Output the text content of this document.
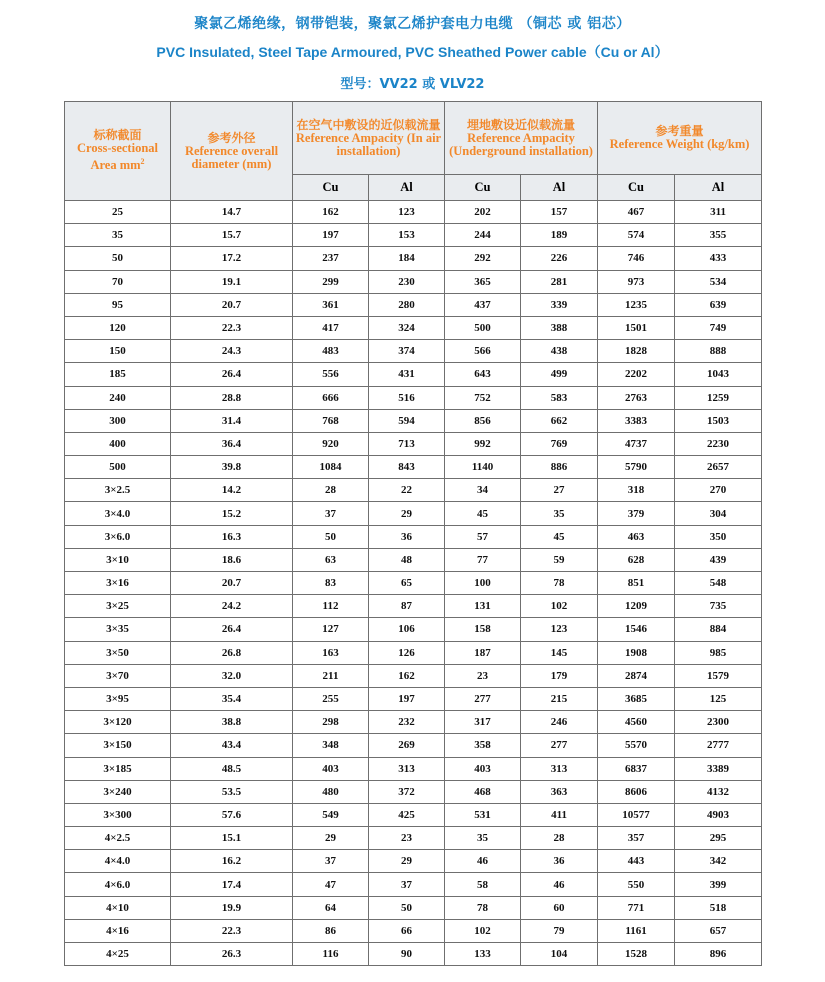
聚氯乙烯绝缘，钢带铠装，聚氯乙烯护套电力电缆 （铜芯 或 铝芯）
PVC Insulated, Steel Tape Armoured, PVC Sheathed Power cable（Cu or Al）
型号：VV22 或 VLV22
标称截面
Cross-sectional Area $mm^2$	参考外径
Reference overall diameter (mm)	在空气中敷设的近似载流量
Reference Ampacity (In air installation)		埋地敷设近似载流量
Reference Ampacity (Underground installation)		参考重量
Reference Weight (kg/km)	

		Cu	Al	Cu	Al	Cu	Al
25	14.7	162	123	202	157	467	311
35	15.7	197	153	244	189	574	355
50	17.2	237	184	292	226	746	433
70	19.1	299	230	365	281	973	534
95	20.7	361	280	437	339	1235	639
120	22.3	417	324	500	388	1501	749
150	24.3	483	374	566	438	1828	888
185	26.4	556	431	643	499	2202	1043
240	28.8	666	516	752	583	2763	1259
300	31.4	768	594	856	662	3383	1503
400	36.4	920	713	992	769	4737	2230
500	39.8	1084	843	1140	886	5790	2657
3×2.5	14.2	28	22	34	27	318	270
3×4.0	15.2	37	29	45	35	379	304
3×6.0	16.3	50	36	57	45	463	350
3×10	18.6	63	48	77	59	628	439
3×16	20.7	83	65	100	78	851	548
3×25	24.2	112	87	131	102	1209	735
3×35	26.4	127	106	158	123	1546	884
3×50	26.8	163	126	187	145	1908	985
3×70	32.0	211	162	23	179	2874	1579
3×95	35.4	255	197	277	215	3685	125
3×120	38.8	298	232	317	246	4560	2300
3×150	43.4	348	269	358	277	5570	2777
3×185	48.5	403	313	403	313	6837	3389
3×240	53.5	480	372	468	363	8606	4132
3×300	57.6	549	425	531	411	10577	4903
4×2.5	15.1	29	23	35	28	357	295
4×4.0	16.2	37	29	46	36	443	342
4×6.0	17.4	47	37	58	46	550	399
4×10	19.9	64	50	78	60	771	518
4×16	22.3	86	66	102	79	1161	657
4×25	26.3	116	90	133	104	1528	896
